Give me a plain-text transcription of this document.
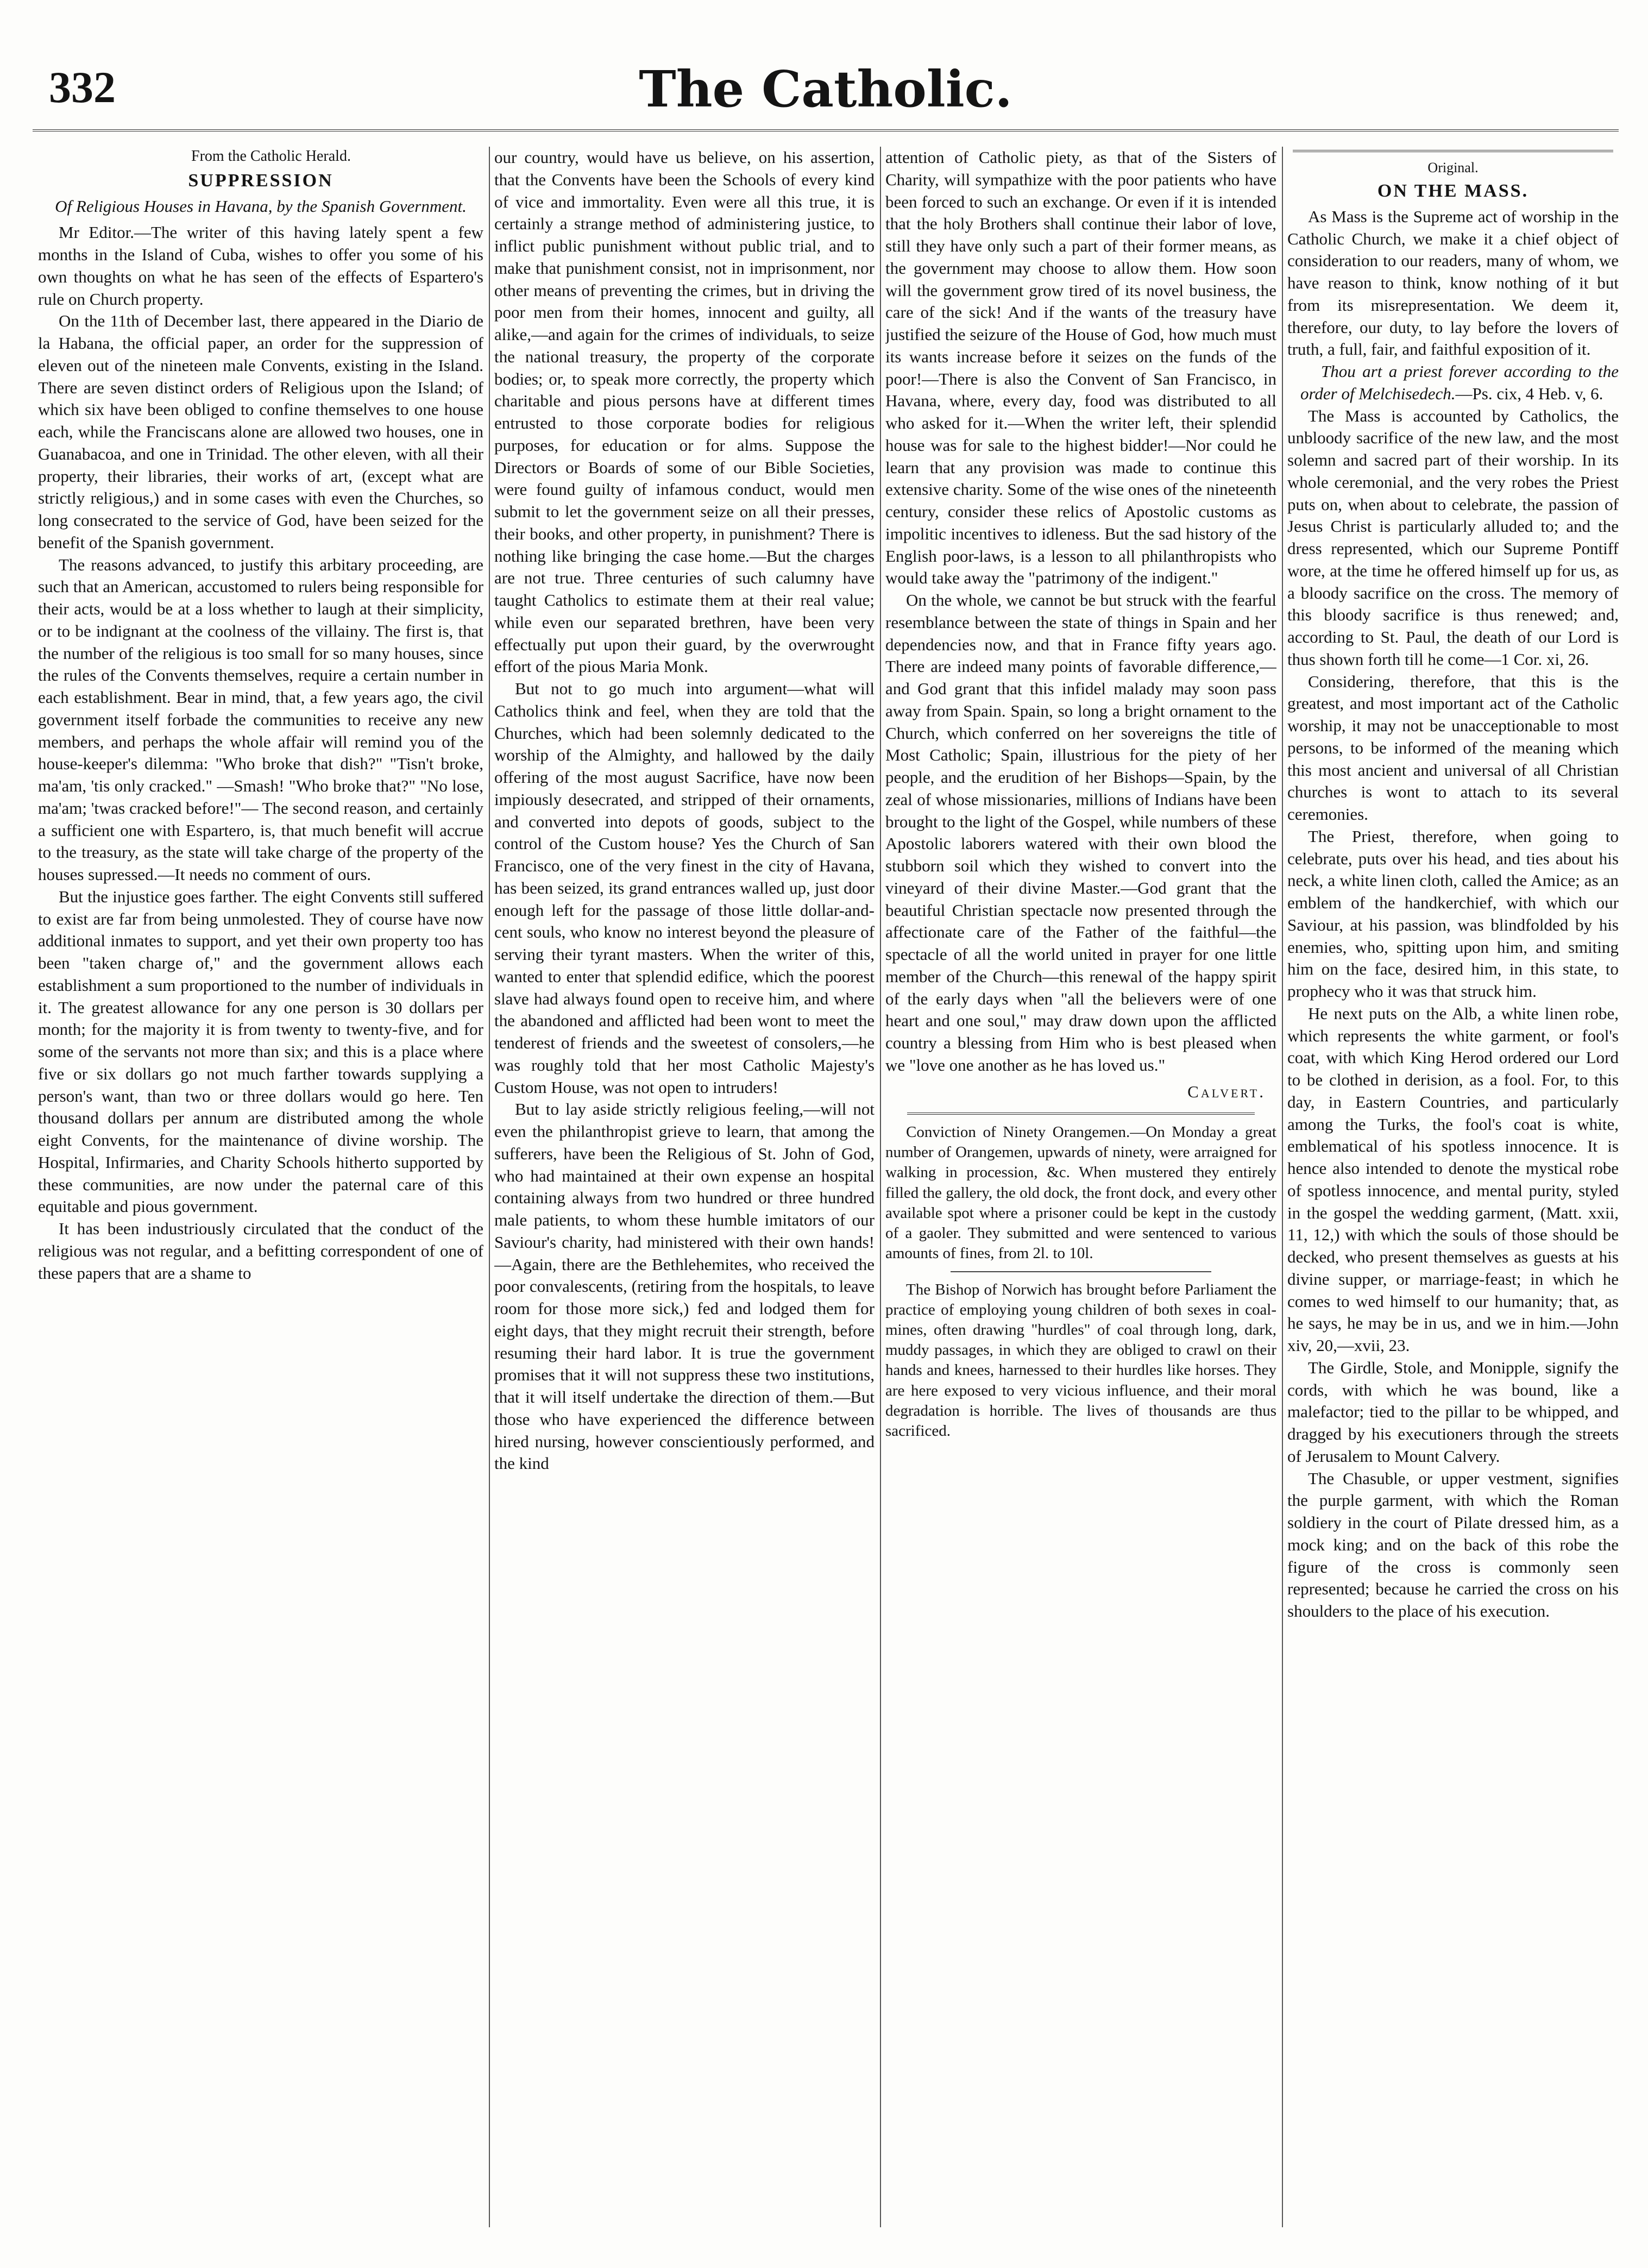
332	The Catholic.

From the Catholic Herald.

SUPPRESSION
Of Religious Houses in Havana, by the Spanish Government.

Mr Editor.—The writer of this having lately spent a few months in the Island of Cuba, wishes to offer you some of his own thoughts on what he has seen of the effects of Espartero's rule on Church property.

On the 11th of December last, there appeared in the Diario de la Habana, the official paper, an order for the suppression of eleven out of the nineteen male Convents, existing in the Island. There are seven distinct orders of Religious upon the Island; of which six have been obliged to confine themselves to one house each, while the Franciscans alone are allowed two houses, one in Guanabacoa, and one in Trinidad. The other eleven, with all their property, their libraries, their works of art, (except what are strictly religious,) and in some cases with even the Churches, so long consecrated to the service of God, have been seized for the benefit of the Spanish government.

The reasons advanced, to justify this arbitary proceeding, are such that an American, accustomed to rulers being responsible for their acts, would be at a loss whether to laugh at their simplicity, or to be indignant at the coolness of the villainy. The first is, that the number of the religious is too small for so many houses, since the rules of the Convents themselves, require a certain number in each establishment. Bear in mind, that, a few years ago, the civil government itself forbade the communities to receive any new members, and perhaps the whole affair will remind you of the house-keeper's dilemma: "Who broke that dish?" "Tisn't broke, ma'am, 'tis only cracked." —Smash! "Who broke that?" "No lose, ma'am; 'twas cracked before!"— The second reason, and certainly a sufficient one with Espartero, is, that much benefit will accrue to the treasury, as the state will take charge of the property of the houses supressed.—It needs no comment of ours.

But the injustice goes farther. The eight Convents still suffered to exist are far from being unmolested. They of course have now additional inmates to support, and yet their own property too has been "taken charge of," and the government allows each establishment a sum proportioned to the number of individuals in it. The greatest allowance for any one person is 30 dollars per month; for the majority it is from twenty to twenty-five, and for some of the servants not more than six; and this is a place where five or six dollars go not much farther towards supplying a person's want, than two or three dollars would go here. Ten thousand dollars per annum are distributed among the whole eight Convents, for the maintenance of divine worship. The Hospital, Infirmaries, and Charity Schools hitherto supported by these communities, are now under the paternal care of this equitable and pious government.

It has been industriously circulated that the conduct of the religious was not regular, and a befitting correspondent of one of these papers that are a shame to

our country, would have us believe, on his assertion, that the Convents have been the Schools of every kind of vice and immortality. Even were all this true, it is certainly a strange method of administering justice, to inflict public punishment without public trial, and to make that punishment consist, not in imprisonment, nor other means of preventing the crimes, but in driving the poor men from their homes, innocent and guilty, all alike,—and again for the crimes of individuals, to seize the national treasury, the property of the corporate bodies; or, to speak more correctly, the property which charitable and pious persons have at different times entrusted to those corporate bodies for religious purposes, for education or for alms. Suppose the Directors or Boards of some of our Bible Societies, were found guilty of infamous conduct, would men submit to let the government seize on all their presses, their books, and other property, in punishment? There is nothing like bringing the case home.—But the charges are not true. Three centuries of such calumny have taught Catholics to estimate them at their real value; while even our separated brethren, have been very effectually put upon their guard, by the overwrought effort of the pious Maria Monk.

But not to go much into argument—what will Catholics think and feel, when they are told that the Churches, which had been solemnly dedicated to the worship of the Almighty, and hallowed by the daily offering of the most august Sacrifice, have now been impiously desecrated, and stripped of their ornaments, and converted into depots of goods, subject to the control of the Custom house? Yes the Church of San Francisco, one of the very finest in the city of Havana, has been seized, its grand entrances walled up, just door enough left for the passage of those little dollar-and-cent souls, who know no interest beyond the pleasure of serving their tyrant masters. When the writer of this, wanted to enter that splendid edifice, which the poorest slave had always found open to receive him, and where the abandoned and afflicted had been wont to meet the tenderest of friends and the sweetest of consolers,—he was roughly told that her most Catholic Majesty's Custom House, was not open to intruders!

But to lay aside strictly religious feeling,—will not even the philanthropist grieve to learn, that among the sufferers, have been the Religious of St. John of God, who had maintained at their own expense an hospital containing always from two hundred or three hundred male patients, to whom these humble imitators of our Saviour's charity, had ministered with their own hands!—Again, there are the Bethlehemites, who received the poor convalescents, (retiring from the hospitals, to leave room for those more sick,) fed and lodged them for eight days, that they might recruit their strength, before resuming their hard labor. It is true the government promises that it will not suppress these two institutions, that it will itself undertake the direction of them.—But those who have experienced the difference between hired nursing, however conscientiously performed, and the kind

attention of Catholic piety, as that of the Sisters of Charity, will sympathize with the poor patients who have been forced to such an exchange. Or even if it is intended that the holy Brothers shall continue their labor of love, still they have only such a part of their former means, as the government may choose to allow them. How soon will the government grow tired of its novel business, the care of the sick! And if the wants of the treasury have justified the seizure of the House of God, how much must its wants increase before it seizes on the funds of the poor!—There is also the Convent of San Francisco, in Havana, where, every day, food was distributed to all who asked for it.—When the writer left, their splendid house was for sale to the highest bidder!—Nor could he learn that any provision was made to continue this extensive charity. Some of the wise ones of the nineteenth century, consider these relics of Apostolic customs as impolitic incentives to idleness. But the sad history of the English poor-laws, is a lesson to all philanthropists who would take away the "patrimony of the indigent."

On the whole, we cannot be but struck with the fearful resemblance between the state of things in Spain and her dependencies now, and that in France fifty years ago. There are indeed many points of favorable difference,—and God grant that this infidel malady may soon pass away from Spain. Spain, so long a bright ornament to the Church, which conferred on her sovereigns the title of Most Catholic; Spain, illustrious for the piety of her people, and the erudition of her Bishops—Spain, by the zeal of whose missionaries, millions of Indians have been brought to the light of the Gospel, while numbers of these Apostolic laborers watered with their own blood the stubborn soil which they wished to convert into the vineyard of their divine Master.—God grant that the beautiful Christian spectacle now presented through the affectionate care of the Father of the faithful—the spectacle of all the world united in prayer for one little member of the Church—this renewal of the happy spirit of the early days when "all the believers were of one heart and one soul," may draw down upon the afflicted country a blessing from Him who is best pleased when we "love one another as he has loved us."

Calvert.

Conviction of Ninety Orangemen.—On Monday a great number of Orangemen, upwards of ninety, were arraigned for walking in procession, &c. When mustered they entirely filled the gallery, the old dock, the front dock, and every other available spot where a prisoner could be kept in the custody of a gaoler. They submitted and were sentenced to various amounts of fines, from 2l. to 10l.

The Bishop of Norwich has brought before Parliament the practice of employing young children of both sexes in coal-mines, often drawing "hurdles" of coal through long, dark, muddy passages, in which they are obliged to crawl on their hands and knees, harnessed to their hurdles like horses. They are here exposed to very vicious influence, and their moral degradation is horrible. The lives of thousands are thus sacrificed.

Original.
ON THE MASS.

As Mass is the Supreme act of worship in the Catholic Church, we make it a chief object of consideration to our readers, many of whom, we have reason to think, know nothing of it but from its misrepresentation. We deem it, therefore, our duty, to lay before the lovers of truth, a full, fair, and faithful exposition of it.

Thou art a priest forever according to the order of Melchisedech.—Ps. cix, 4 Heb. v, 6.

The Mass is accounted by Catholics, the unbloody sacrifice of the new law, and the most solemn and sacred part of their worship. In its whole ceremonial, and the very robes the Priest puts on, when about to celebrate, the passion of Jesus Christ is particularly alluded to; and the dress represented, which our Supreme Pontiff wore, at the time he offered himself up for us, as a bloody sacrifice on the cross. The memory of this bloody sacrifice is thus renewed; and, according to St. Paul, the death of our Lord is thus shown forth till he come—1 Cor. xi, 26.

Considering, therefore, that this is the greatest, and most important act of the Catholic worship, it may not be unacceptionable to most persons, to be informed of the meaning which this most ancient and universal of all Christian churches is wont to attach to its several ceremonies.

The Priest, therefore, when going to celebrate, puts over his head, and ties about his neck, a white linen cloth, called the Amice; as an emblem of the handkerchief, with which our Saviour, at his passion, was blindfolded by his enemies, who, spitting upon him, and smiting him on the face, desired him, in this state, to prophecy who it was that struck him.

He next puts on the Alb, a white linen robe, which represents the white garment, or fool's coat, with which King Herod ordered our Lord to be clothed in derision, as a fool. For, to this day, in Eastern Countries, and particularly among the Turks, the fool's coat is white, emblematical of his spotless innocence. It is hence also intended to denote the mystical robe of spotless innocence, and mental purity, styled in the gospel the wedding garment, (Matt. xxii, 11, 12,) with which the souls of those should be decked, who present themselves as guests at his divine supper, or marriage-feast; in which he comes to wed himself to our humanity; that, as he says, he may be in us, and we in him.—John xiv, 20,—xvii, 23.

The Girdle, Stole, and Monipple, signify the cords, with which he was bound, like a malefactor; tied to the pillar to be whipped, and dragged by his executioners through the streets of Jerusalem to Mount Calvery.

The Chasuble, or upper vestment, signifies the purple garment, with which the Roman soldiery in the court of Pilate dressed him, as a mock king; and on the back of this robe the figure of the cross is commonly seen represented; because he carried the cross on his shoulders to the place of his execution.
